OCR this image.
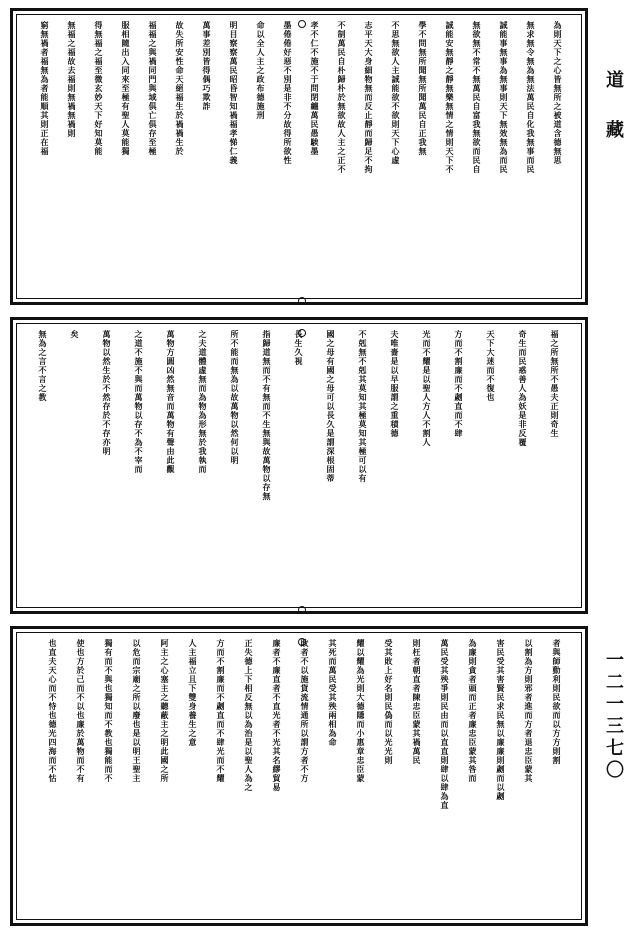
道藏
一二一三七〇
為則天下之心皆無所之被道含德無思
無求無令無為無法萬民自化我無事而民
誠能事無事為無事則天下無效無為而民
無欲無不常不無萬民自富我無欲而民自
誠能安無靜之靜無樂無情之情則天下不
學不問無所聞無所聞萬民自正我無
不思無欲人主誠能欲不欲則天下心虛
志平天大身細物無而反止靜而歸足不拘
不制萬民自朴歸朴於無欲故人主之正不
孝不仁不施不于問閉纏萬民愚騃墨
墨倦倦好惡不別是非不分故得所欲性
命以全人主之政布德施刑
明目察察萬民昭昏智知禍福孝悌仁義
萬事差別皆得偶巧欺詐
故失所安性命天絕福生於禍禍生於
福福之與禍同門與域俱亡俱存至極
服相隨出入同來至極有聖人莫能獨
得無福之福至微玄妙天下好知莫能
無福之福故去福則無禍無禍則
窮無禍者福無為者能順其則正在福
福之所無所不愚夫正則奇生
奇生而民惑善人為妖是非反覆
天下大迷而不復也
方而不割廉而不劌直而不肆
光而不耀是以聖人方人不割人
夫唯嗇是以早服謂之重積德
不剋無不剋其莫知其極莫知其極可以有
國之母有國之母可以長久是謂深根固蒂
長生久視
指歸道無而不有無而不生無與故萬物以存無
所不能而無為以故萬物以然何以明
之夫道體虛無而為物為形無於我執而
萬物方圓凶然無音而萬物有聲由此觀
之道不施不與而萬物以存不為不宰而
萬物以然生於不然存於不存亦明
矣
無為之言不言之教
者與師動利則民欲而以方方則割
以割為方則邪者進而方者退忠臣蒙其
害民受其害賢民求民無以廉廉則劌而以劌
為廉則貪者頭而正者廉忠臣蒙其咎而
萬民受其殃爭則民由而以直直則肆以肆為直
則枉者朝直者陳忠臣蒙其禍萬民
受其敗上好名則民偽而以光光則
耀以耀為光則大德隱而小惠章忠臣蒙
其死而萬民受其殃兩相為命
敗者不以施貨流情通所以謂方者不方
廉者不廉直者不直光者不光其名繆貿易
正失德上下相反無以為治是以聖人為之
方而不割廉而不劌直而不肆光而不耀
人主福立且下雙身養生之意
阿主之心塞主之聽蔽主之明此國之所
以危而宗廟之所以廢也是以明王聖主
獨有而不與也獨知而不教也獨能而不
使也方於己而不以也廉於萬物而不有
也直夫天心而不恃也德光四海而不怙
